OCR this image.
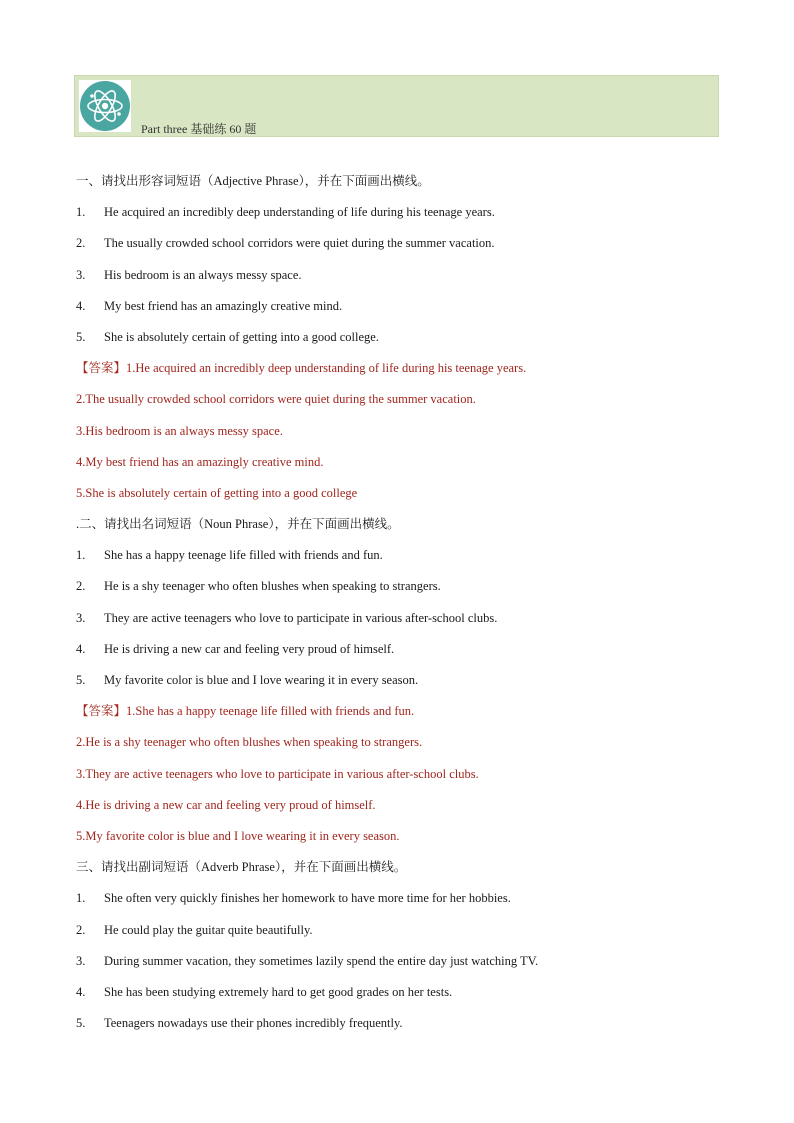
Part three 基础练 60 题
一、请找出形容词短语（Adjective Phrase），并在下面画出横线。
1.	He acquired an incredibly deep understanding of life during his teenage years.
2.	The usually crowded school corridors were quiet during the summer vacation.
3.	His bedroom is an always messy space.
4.	My best friend has an amazingly creative mind.
5.	She is absolutely certain of getting into a good college.
【答案】1.He acquired an incredibly deep understanding of life during his teenage years.
2.The usually crowded school corridors were quiet during the summer vacation.
3.His bedroom is an always messy space.
4.My best friend has an amazingly creative mind.
5.She is absolutely certain of getting into a good college
.二、请找出名词短语（Noun Phrase），并在下面画出横线。
1.	She has a happy teenage life filled with friends and fun.
2.	He is a shy teenager who often blushes when speaking to strangers.
3.	They are active teenagers who love to participate in various after-school clubs.
4.	He is driving a new car and feeling very proud of himself.
5.	My favorite color is blue and I love wearing it in every season.
【答案】1.She has a happy teenage life filled with friends and fun.
2.He is a shy teenager who often blushes when speaking to strangers.
3.They are active teenagers who love to participate in various after-school clubs.
4.He is driving a new car and feeling very proud of himself.
5.My favorite color is blue and I love wearing it in every season.
三、请找出副词短语（Adverb Phrase），并在下面画出横线。
1.	She often very quickly finishes her homework to have more time for her hobbies.
2.	He could play the guitar quite beautifully.
3.	During summer vacation, they sometimes lazily spend the entire day just watching TV.
4.	She has been studying extremely hard to get good grades on her tests.
5.	Teenagers nowadays use their phones incredibly frequently.
